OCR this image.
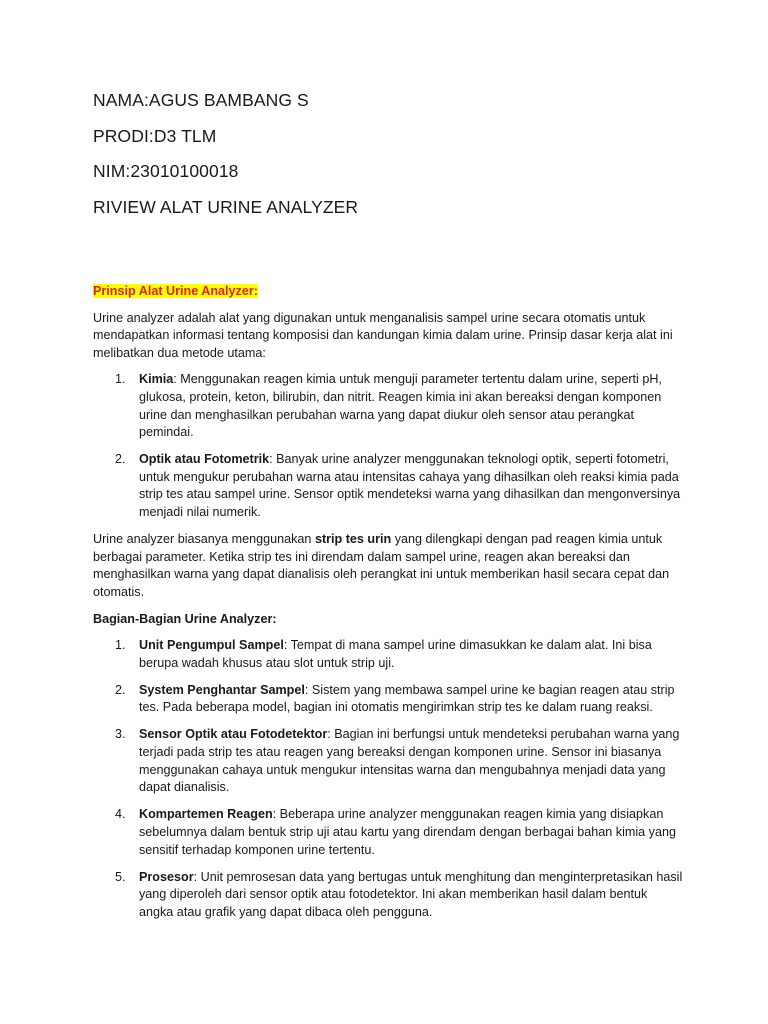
NAMA:AGUS BAMBANG S
PRODI:D3 TLM
NIM:23010100018
RIVIEW ALAT URINE ANALYZER
Prinsip Alat Urine Analyzer:

Urine analyzer adalah alat yang digunakan untuk menganalisis sampel urine secara otomatis untuk mendapatkan informasi tentang komposisi dan kandungan kimia dalam urine. Prinsip dasar kerja alat ini melibatkan dua metode utama:

1. Kimia: Menggunakan reagen kimia untuk menguji parameter tertentu dalam urine, seperti pH, glukosa, protein, keton, bilirubin, dan nitrit. Reagen kimia ini akan bereaksi dengan komponen urine dan menghasilkan perubahan warna yang dapat diukur oleh sensor atau perangkat pemindai.
2. Optik atau Fotometrik: Banyak urine analyzer menggunakan teknologi optik, seperti fotometri, untuk mengukur perubahan warna atau intensitas cahaya yang dihasilkan oleh reaksi kimia pada strip tes atau sampel urine. Sensor optik mendeteksi warna yang dihasilkan dan mengonversinya menjadi nilai numerik.

Urine analyzer biasanya menggunakan strip tes urin yang dilengkapi dengan pad reagen kimia untuk berbagai parameter. Ketika strip tes ini direndam dalam sampel urine, reagen akan bereaksi dan menghasilkan warna yang dapat dianalisis oleh perangkat ini untuk memberikan hasil secara cepat dan otomatis.

Bagian-Bagian Urine Analyzer:
1. Unit Pengumpul Sampel: Tempat di mana sampel urine dimasukkan ke dalam alat. Ini bisa berupa wadah khusus atau slot untuk strip uji.
2. System Penghantar Sampel: Sistem yang membawa sampel urine ke bagian reagen atau strip tes. Pada beberapa model, bagian ini otomatis mengirimkan strip tes ke dalam ruang reaksi.
3. Sensor Optik atau Fotodetektor: Bagian ini berfungsi untuk mendeteksi perubahan warna yang terjadi pada strip tes atau reagen yang bereaksi dengan komponen urine. Sensor ini biasanya menggunakan cahaya untuk mengukur intensitas warna dan mengubahnya menjadi data yang dapat dianalisis.
4. Kompartemen Reagen: Beberapa urine analyzer menggunakan reagen kimia yang disiapkan sebelumnya dalam bentuk strip uji atau kartu yang direndam dengan berbagai bahan kimia yang sensitif terhadap komponen urine tertentu.
5. Prosesor: Unit pemrosesan data yang bertugas untuk menghitung dan menginterpretasikan hasil yang diperoleh dari sensor optik atau fotodetektor. Ini akan memberikan hasil dalam bentuk angka atau grafik yang dapat dibaca oleh pengguna.
